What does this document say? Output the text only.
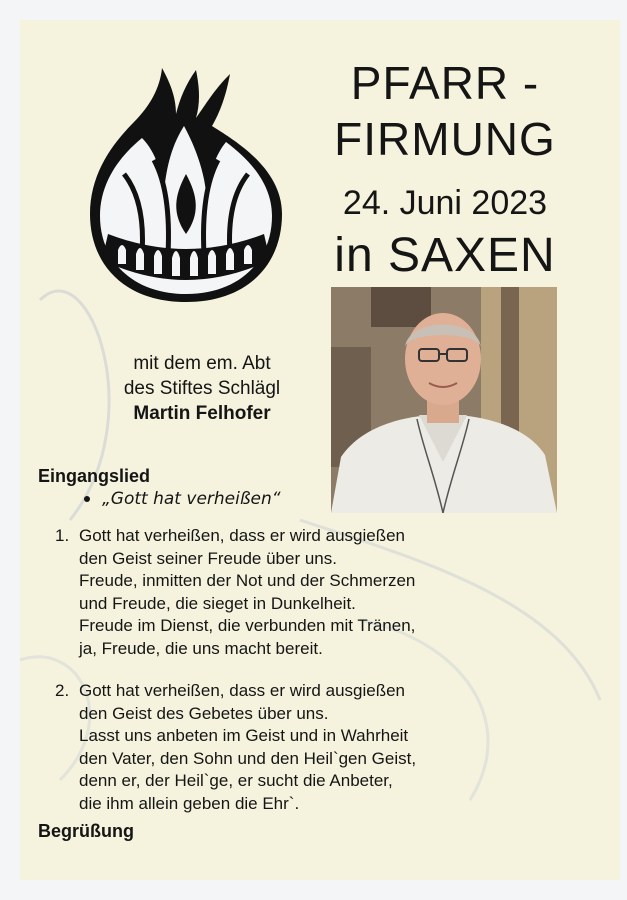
PFARR -
FIRMUNG
24. Juni 2023
in SAXEN
mit dem em. Abt
des Stiftes Schlägl
Martin Felhofer
Eingangslied
„Gott hat verheißen“
1. Gott hat verheißen, dass er wird ausgießen
den Geist seiner Freude über uns.
Freude, inmitten der Not und der Schmerzen
und Freude, die sieget in Dunkelheit.
Freude im Dienst, die verbunden mit Tränen,
ja, Freude, die uns macht bereit.
2. Gott hat verheißen, dass er wird ausgießen
den Geist des Gebetes über uns.
Lasst uns anbeten im Geist und in Wahrheit
den Vater, den Sohn und den Heil`gen Geist,
denn er, der Heil`ge, er sucht die Anbeter,
die ihm allein geben die Ehr`.
Begrüßung
